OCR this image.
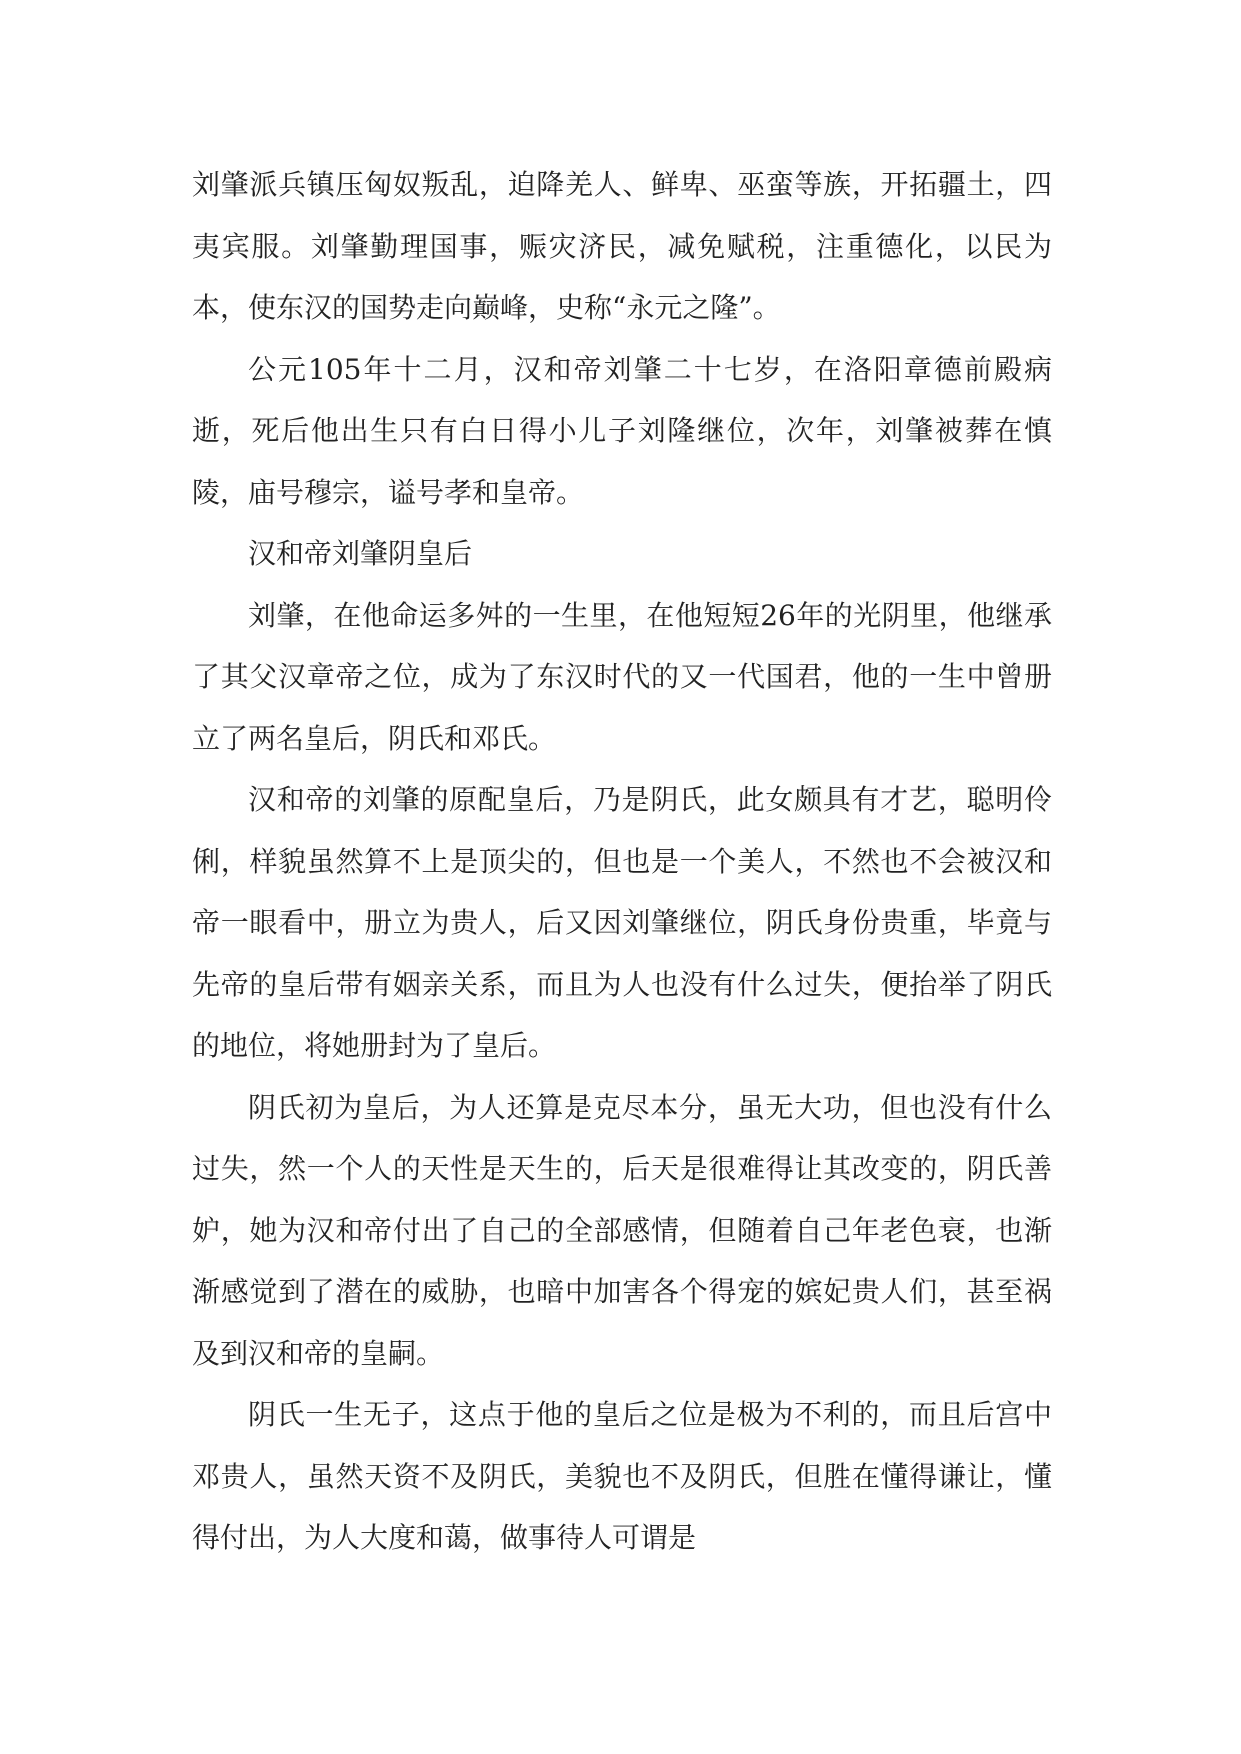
刘肇派兵镇压匈奴叛乱，迫降羌人、鲜卑、巫蛮等族，开拓疆土，四夷宾服。刘肇勤理国事，赈灾济民，减免赋税，注重德化，以民为本，使东汉的国势走向巅峰，史称“永元之隆”。

公元105年十二月，汉和帝刘肇二十七岁，在洛阳章德前殿病逝，死后他出生只有白日得小儿子刘隆继位，次年，刘肇被葬在慎陵，庙号穆宗，谥号孝和皇帝。

汉和帝刘肇阴皇后

刘肇，在他命运多舛的一生里，在他短短26年的光阴里，他继承了其父汉章帝之位，成为了东汉时代的又一代国君，他的一生中曾册立了两名皇后，阴氏和邓氏。

汉和帝的刘肇的原配皇后，乃是阴氏，此女颇具有才艺，聪明伶俐，样貌虽然算不上是顶尖的，但也是一个美人，不然也不会被汉和帝一眼看中，册立为贵人，后又因刘肇继位，阴氏身份贵重，毕竟与先帝的皇后带有姻亲关系，而且为人也没有什么过失，便抬举了阴氏的地位，将她册封为了皇后。

阴氏初为皇后，为人还算是克尽本分，虽无大功，但也没有什么过失，然一个人的天性是天生的，后天是很难得让其改变的，阴氏善妒，她为汉和帝付出了自己的全部感情，但随着自己年老色衰，也渐渐感觉到了潜在的威胁，也暗中加害各个得宠的嫔妃贵人们，甚至祸及到汉和帝的皇嗣。

阴氏一生无子，这点于他的皇后之位是极为不利的，而且后宫中邓贵人，虽然天资不及阴氏，美貌也不及阴氏，但胜在懂得谦让，懂得付出，为人大度和蔼，做事待人可谓是
